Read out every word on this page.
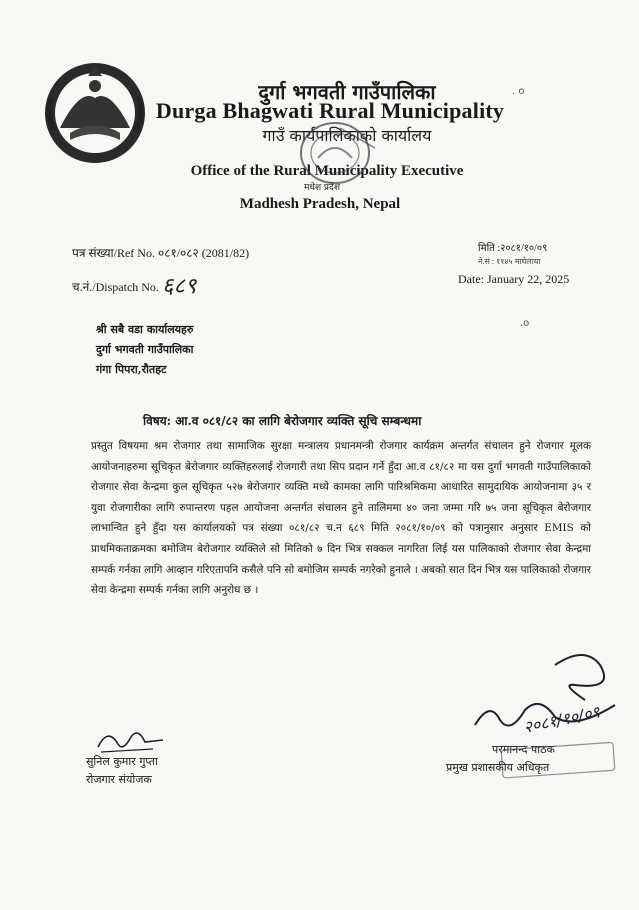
दुर्गा भगवती गाउँपालिका
Durga Bhagwati Rural Municipality
गाउँ कार्यपालिकाको कार्यालय
Office of the Rural Municipality Executive
मधेश प्रदेश
Madhesh Pradesh, Nepal
. o
.o
पत्र संख्या/Ref No. ०८१/०८२ (2081/82)
च.नं./Dispatch No. ६८९
मिति :२०८१/१०/०९
ने.सं : ११४५ माघेलाया
Date: January 22, 2025
श्री सबै वडा कार्यालयहरु
दुर्गा भगवती गाउँपालिका
गंगा पिपरा,रौतहट
विषय: आ.व ०८१/८२ का लागि बेरोजगार व्यक्ति सूचि सम्बन्धमा
प्रस्तुत विषयमा श्रम रोजगार तथा सामाजिक सुरक्षा मन्त्रालय प्रधानमन्त्री रोजगार कार्यक्रम अन्तर्गत संचालन हुने रोजगार मूलक आयोजनाहरुमा सूचिकृत बेरोजगार व्यक्तिहरुलाई रोजगारी तथा सिप प्रदान गर्ने हुँदा आ.व ८१/८२ मा यस दुर्गा भगवती गाउँपालिकाको रोजगार सेवा केन्द्रमा कुल सूचिकृत ५२७ बेरोजगार व्यक्ति मध्ये कामका लागि पारिश्रमिकमा आधारित सामुदायिक आयोजनामा ३५ र युवा रोजगारीका लागि रुपान्तरण पहल आयोजना अन्तर्गत संचालन हुने तालिममा ४० जना जम्मा गरि ७५ जना सूचिकृत बेरोजगार लाभान्वित हुने हुँदा यस कार्यालयको पत्र संख्या ०८१/८२ च.न ६८९ मिति २०८१/१०/०९ को पत्रानुसार अनुसार EMIS को प्राथमिकताक्रमका बमोजिम बेरोजगार व्यक्तिले सो मितिको ७ दिन भित्र सक्कल नागरिता लिई यस पालिकाको रोजगार सेवा केन्द्रमा सम्पर्क गर्नका लागि आव्हान गरिएतापनि कसैले पनि सो बमोजिम सम्पर्क नगरेको हुनाले । अबको सात दिन भित्र यस पालिकाको रोजगार सेवा केन्द्रमा सम्पर्क गर्नका लागि अनुरोध छ ।
सुनिल कुमार गुप्ता
रोजगार संयोजक
२०८१/१०/०९
परमानन्द पाठक
प्रमुख प्रशासकीय अधिकृत
